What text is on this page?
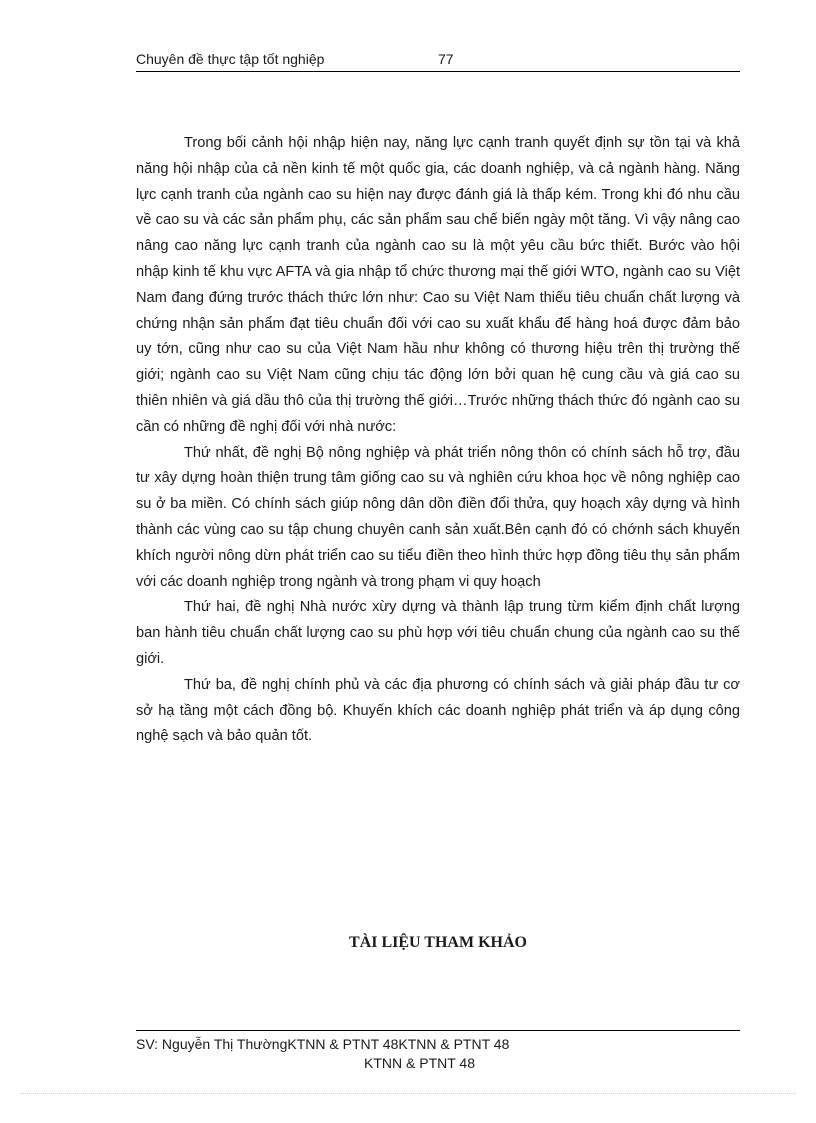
Chuyên đề thực tập tốt nghiệp	77

Trong bối cảnh hội nhập hiện nay, năng lực cạnh tranh quyết định sự tồn tại và khả năng hội nhập của cả nền kinh tế một quốc gia, các doanh nghiệp, và cả ngành hàng. Năng lực cạnh tranh của ngành cao su hiện nay được đánh giá là thấp kém. Trong khi đó nhu cầu về cao su và các sản phẩm phụ, các sản phẩm sau chế biến ngày một tăng. Vì vậy nâng cao nâng cao năng lực cạnh tranh của ngành cao su là một yêu cầu bức thiết. Bước vào hội nhập kinh tế khu vực AFTA và gia nhập tổ chức thương mại thế giới WTO, ngành cao su Việt Nam đang đứng trước thách thức lớn như: Cao su Việt Nam thiếu tiêu chuẩn chất lượng và chứng nhận sản phẩm đạt tiêu chuẩn đối với cao su xuất khẩu để hàng hoá được đảm bảo uy tớn, cũng như cao su của Việt Nam hầu như không có thương hiệu trên thị trường thế giới; ngành cao su Việt Nam cũng chịu tác động lớn bởi quan hệ cung cầu và giá cao su thiên nhiên và giá dầu thô của thị trường thế giới…Trước những thách thức đó ngành cao su cần có những đề nghị đối với nhà nước:

Thứ nhất, đề nghị Bộ nông nghiệp và phát triển nông thôn có chính sách hỗ trợ, đầu tư xây dựng hoàn thiện trung tâm giống cao su và nghiên cứu khoa học về nông nghiệp cao su ở ba miền. Có chính sách giúp nông dân dồn điền đổi thửa, quy hoạch xây dựng và hình thành các vùng cao su tập chung chuyên canh sản xuất.Bên cạnh đó có chớnh sách khuyến khích người nông dừn phát triển cao su tiểu điền theo hình thức hợp đồng tiêu thụ sản phẩm với các doanh nghiệp trong ngành và trong phạm vi quy hoạch

Thứ hai, đề nghị Nhà nước xừy dựng và thành lập trung từm kiểm định chất lượng ban hành tiêu chuẩn chất lượng cao su phù hợp với tiêu chuẩn chung của ngành cao su thế giới.

Thứ ba, đề nghị chính phủ và các địa phương có chính sách và giải pháp đầu tư cơ sở hạ tầng một cách đồng bộ. Khuyến khích các doanh nghiệp phát triển và áp dụng công nghệ sạch và bảo quản tốt.

TÀI LIỆU THAM KHẢO
SV: Nguyễn Thị ThườngKTNN & PTNT 48KTNN & PTNT 48
KTNN & PTNT 48
